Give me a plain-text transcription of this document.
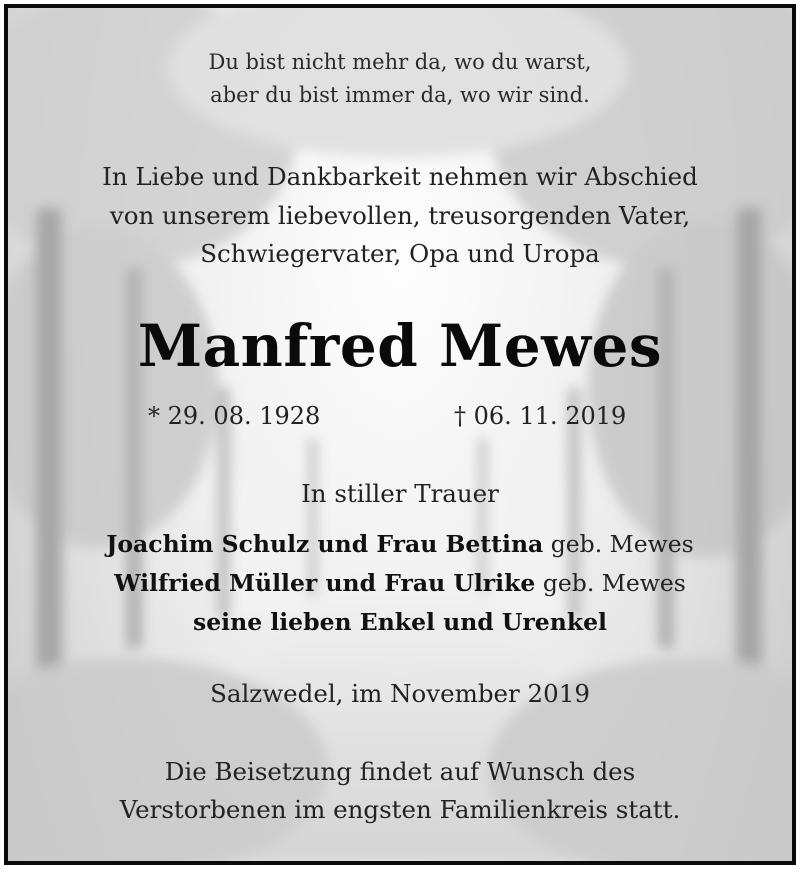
Du bist nicht mehr da, wo du warst,
aber du bist immer da, wo wir sind.
In Liebe und Dankbarkeit nehmen wir Abschied
von unserem liebevollen, treusorgenden Vater,
Schwiegervater, Opa und Uropa
Manfred Mewes
* 29. 08. 1928	† 06. 11. 2019
In stiller Trauer
Joachim Schulz und Frau Bettina geb. Mewes
Wilfried Müller und Frau Ulrike geb. Mewes
seine lieben Enkel und Urenkel
Salzwedel, im November 2019
Die Beisetzung findet auf Wunsch des
Verstorbenen im engsten Familienkreis statt.
